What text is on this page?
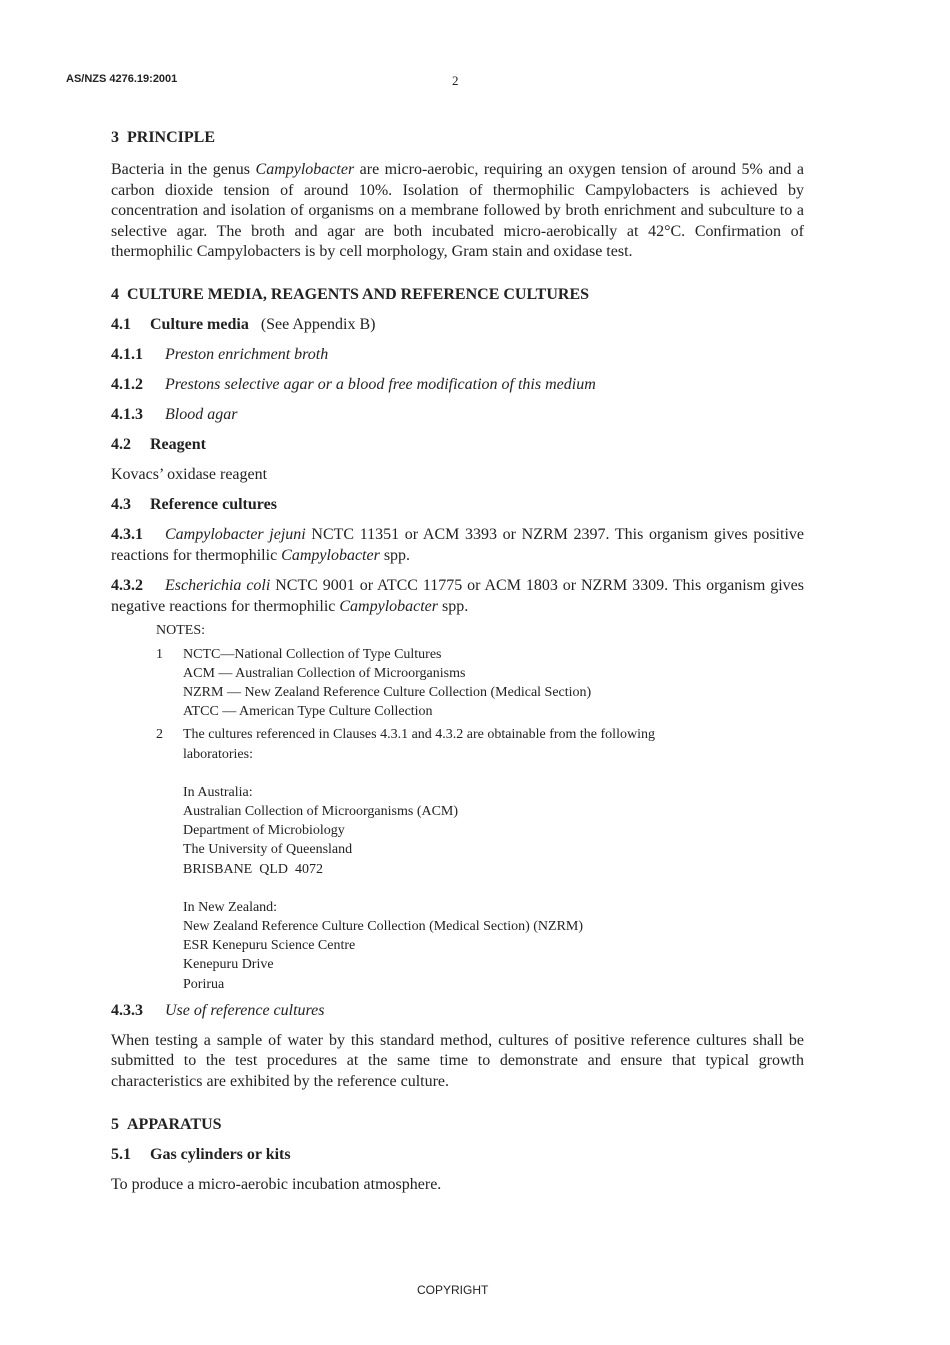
AS/NZS 4276.19:2001	2

3 PRINCIPLE

Bacteria in the genus Campylobacter are micro-aerobic, requiring an oxygen tension of around 5% and a carbon dioxide tension of around 10%. Isolation of thermophilic Campylobacters is achieved by concentration and isolation of organisms on a membrane followed by broth enrichment and subculture to a selective agar. The broth and agar are both incubated micro-aerobically at 42°C. Confirmation of thermophilic Campylobacters is by cell morphology, Gram stain and oxidase test.

4 CULTURE MEDIA, REAGENTS AND REFERENCE CULTURES

4.1 Culture media (See Appendix B)

4.1.1 Preston enrichment broth

4.1.2 Prestons selective agar or a blood free modification of this medium

4.1.3 Blood agar

4.2 Reagent

Kovacs’ oxidase reagent

4.3 Reference cultures

4.3.1 Campylobacter jejuni NCTC 11351 or ACM 3393 or NZRM 2397. This organism gives positive reactions for thermophilic Campylobacter spp.

4.3.2 Escherichia coli NCTC 9001 or ATCC 11775 or ACM 1803 or NZRM 3309. This organism gives negative reactions for thermophilic Campylobacter spp.

NOTES:
1	NCTC—National Collection of Type Cultures
ACM — Australian Collection of Microorganisms
NZRM — New Zealand Reference Culture Collection (Medical Section)
ATCC — American Type Culture Collection
2	The cultures referenced in Clauses 4.3.1 and 4.3.2 are obtainable from the following
laboratories:
In Australia:
Australian Collection of Microorganisms (ACM)
Department of Microbiology
The University of Queensland
BRISBANE  QLD  4072
In New Zealand:
New Zealand Reference Culture Collection (Medical Section) (NZRM)
ESR Kenepuru Science Centre
Kenepuru Drive
Porirua

4.3.3 Use of reference cultures

When testing a sample of water by this standard method, cultures of positive reference cultures shall be submitted to the test procedures at the same time to demonstrate and ensure that typical growth characteristics are exhibited by the reference culture.

5 APPARATUS

5.1 Gas cylinders or kits

To produce a micro-aerobic incubation atmosphere.

COPYRIGHT
